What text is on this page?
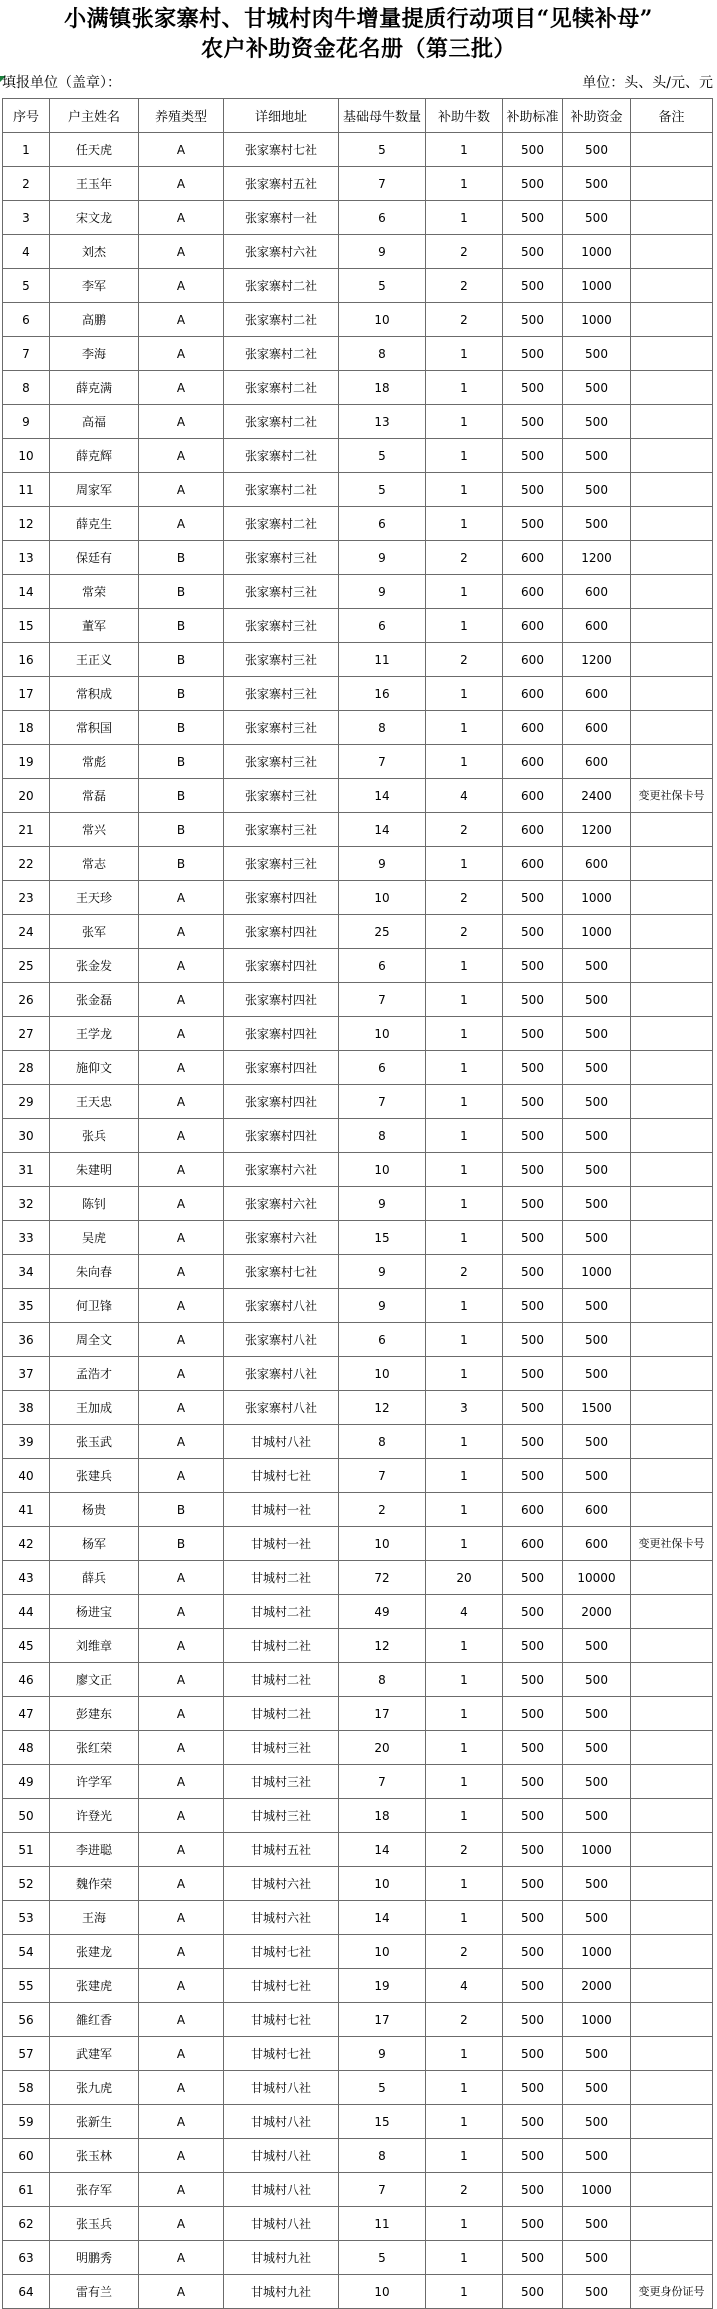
小满镇张家寨村、甘城村肉牛增量提质行动项目“见犊补母”
农户补助资金花名册（第三批）
填报单位（盖章）：	单位：头、头/元、元
序号	户主姓名	养殖类型	详细地址	基础母牛数量	补助牛数	补助标准	补助资金	备注
1	任天虎	A	张家寨村七社	5	1	500	500	
2	王玉年	A	张家寨村五社	7	1	500	500	
3	宋文龙	A	张家寨村一社	6	1	500	500	
4	刘杰	A	张家寨村六社	9	2	500	1000	
5	李军	A	张家寨村二社	5	2	500	1000	
6	高鹏	A	张家寨村二社	10	2	500	1000	
7	李海	A	张家寨村二社	8	1	500	500	
8	薛克满	A	张家寨村二社	18	1	500	500	
9	高福	A	张家寨村二社	13	1	500	500	
10	薛克辉	A	张家寨村二社	5	1	500	500	
11	周家军	A	张家寨村二社	5	1	500	500	
12	薛克生	A	张家寨村二社	6	1	500	500	
13	保廷有	B	张家寨村三社	9	2	600	1200	
14	常荣	B	张家寨村三社	9	1	600	600	
15	董军	B	张家寨村三社	6	1	600	600	
16	王正义	B	张家寨村三社	11	2	600	1200	
17	常积成	B	张家寨村三社	16	1	600	600	
18	常积国	B	张家寨村三社	8	1	600	600	
19	常彪	B	张家寨村三社	7	1	600	600	
20	常磊	B	张家寨村三社	14	4	600	2400	变更社保卡号
21	常兴	B	张家寨村三社	14	2	600	1200	
22	常志	B	张家寨村三社	9	1	600	600	
23	王天珍	A	张家寨村四社	10	2	500	1000	
24	张军	A	张家寨村四社	25	2	500	1000	
25	张金发	A	张家寨村四社	6	1	500	500	
26	张金磊	A	张家寨村四社	7	1	500	500	
27	王学龙	A	张家寨村四社	10	1	500	500	
28	施仰文	A	张家寨村四社	6	1	500	500	
29	王天忠	A	张家寨村四社	7	1	500	500	
30	张兵	A	张家寨村四社	8	1	500	500	
31	朱建明	A	张家寨村六社	10	1	500	500	
32	陈钊	A	张家寨村六社	9	1	500	500	
33	吴虎	A	张家寨村六社	15	1	500	500	
34	朱向春	A	张家寨村七社	9	2	500	1000	
35	何卫锋	A	张家寨村八社	9	1	500	500	
36	周全文	A	张家寨村八社	6	1	500	500	
37	孟浩才	A	张家寨村八社	10	1	500	500	
38	王加成	A	张家寨村八社	12	3	500	1500	
39	张玉武	A	甘城村八社	8	1	500	500	
40	张建兵	A	甘城村七社	7	1	500	500	
41	杨贵	B	甘城村一社	2	1	600	600	
42	杨军	B	甘城村一社	10	1	600	600	变更社保卡号
43	薛兵	A	甘城村二社	72	20	500	10000	
44	杨进宝	A	甘城村二社	49	4	500	2000	
45	刘维章	A	甘城村二社	12	1	500	500	
46	廖文正	A	甘城村二社	8	1	500	500	
47	彭建东	A	甘城村二社	17	1	500	500	
48	张红荣	A	甘城村三社	20	1	500	500	
49	许学军	A	甘城村三社	7	1	500	500	
50	许登光	A	甘城村三社	18	1	500	500	
51	李进聪	A	甘城村五社	14	2	500	1000	
52	魏作荣	A	甘城村六社	10	1	500	500	
53	王海	A	甘城村六社	14	1	500	500	
54	张建龙	A	甘城村七社	10	2	500	1000	
55	张建虎	A	甘城村七社	19	4	500	2000	
56	雒红香	A	甘城村七社	17	2	500	1000	
57	武建军	A	甘城村七社	9	1	500	500	
58	张九虎	A	甘城村八社	5	1	500	500	
59	张新生	A	甘城村八社	15	1	500	500	
60	张玉林	A	甘城村八社	8	1	500	500	
61	张存军	A	甘城村八社	7	2	500	1000	
62	张玉兵	A	甘城村八社	11	1	500	500	
63	明鹏秀	A	甘城村九社	5	1	500	500	
64	雷有兰	A	甘城村九社	10	1	500	500	变更身份证号
